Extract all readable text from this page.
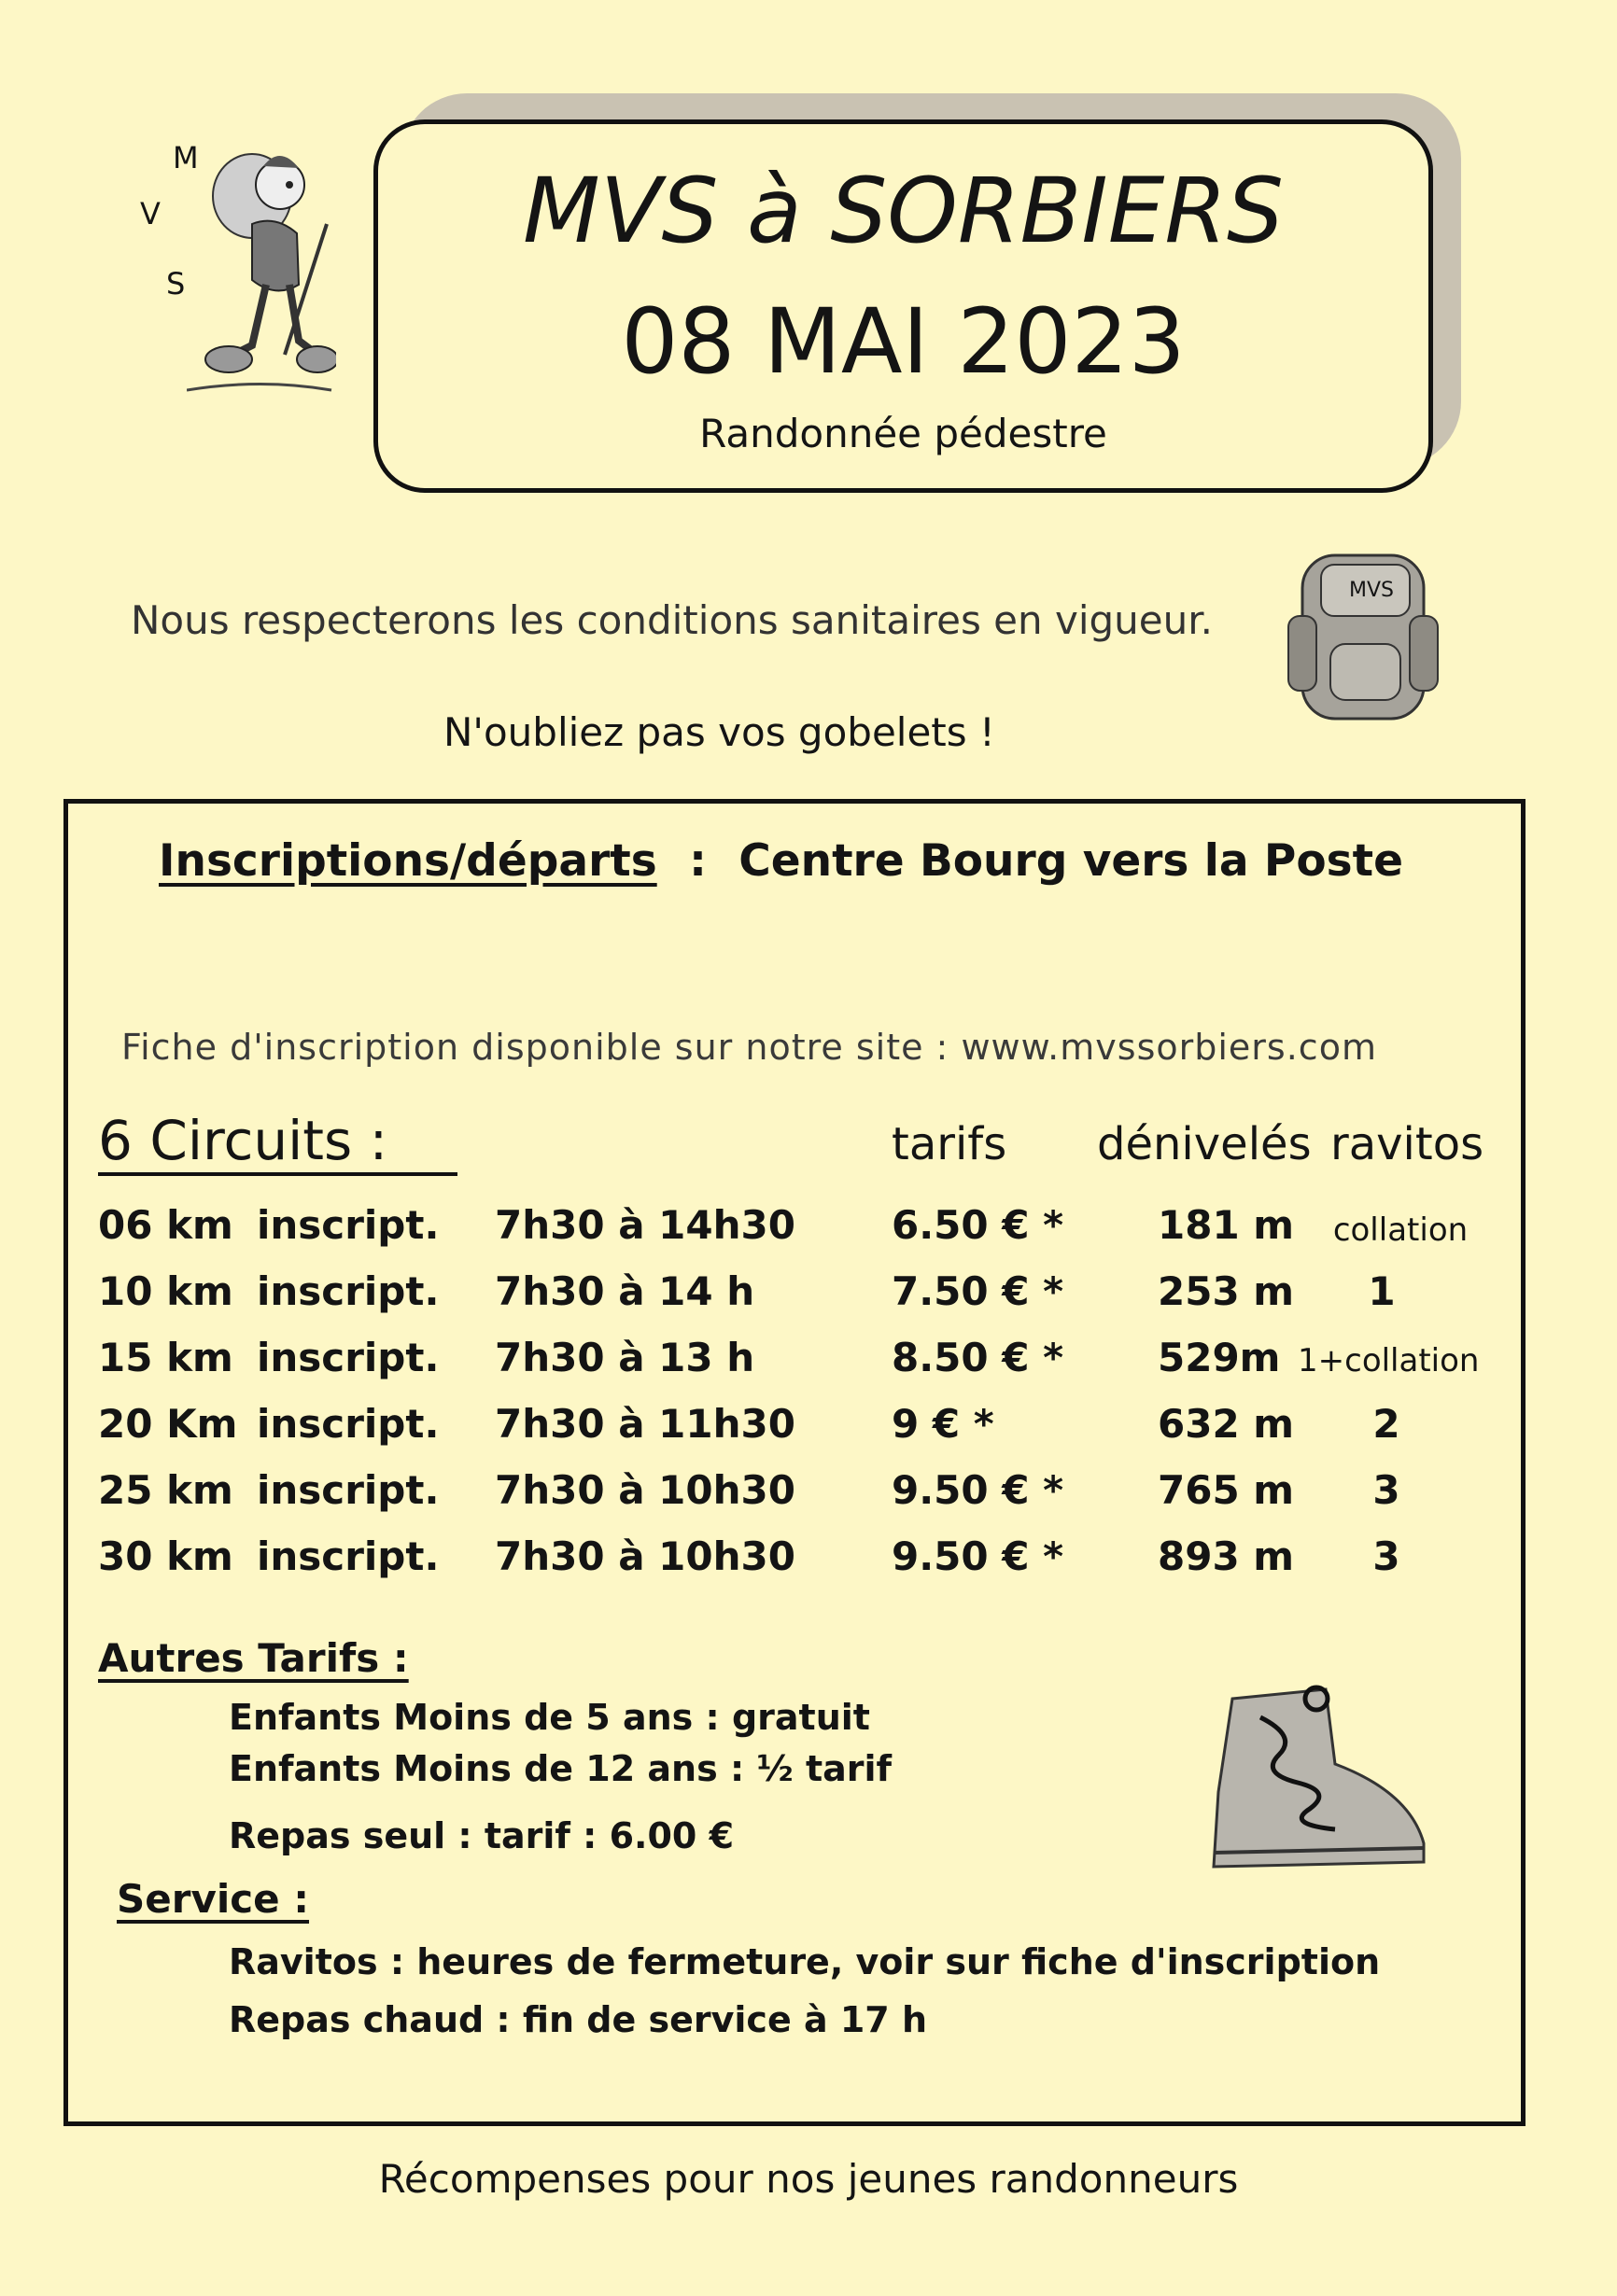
M
V
S
MVS à SORBIERS
08 MAI 2023
Randonnée pédestre
Nous respecterons les conditions sanitaires en vigueur.
N'oubliez pas vos gobelets !
MVS
Inscriptions/départs : Centre Bourg vers la Poste
Fiche d'inscription disponible sur notre site : www.mvssorbiers.com
6 Circuits :	tarifs dénivelés ravitos
06 km inscript. 7h30 à 14h30 6.50 € * 181 m	collation
10 km inscript. 7h30 à 14 h	7.50 € * 253 m	1
15 km inscript. 7h30 à 13 h	8.50 € * 529m 1+collation
20 Km inscript. 7h30 à 11h30 9 € *	632 m	2
25 km inscript. 7h30 à 10h30 9.50 € * 765 m	3
30 km inscript. 7h30 à 10h30 9.50 € * 893 m	3
Autres Tarifs :
Enfants Moins de 5 ans : gratuit
Enfants Moins de 12 ans : ½ tarif
Repas seul : tarif : 6.00 €
Service :
Ravitos : heures de fermeture, voir sur fiche d'inscription
Repas chaud : fin de service à 17 h
Récompenses pour nos jeunes randonneurs
